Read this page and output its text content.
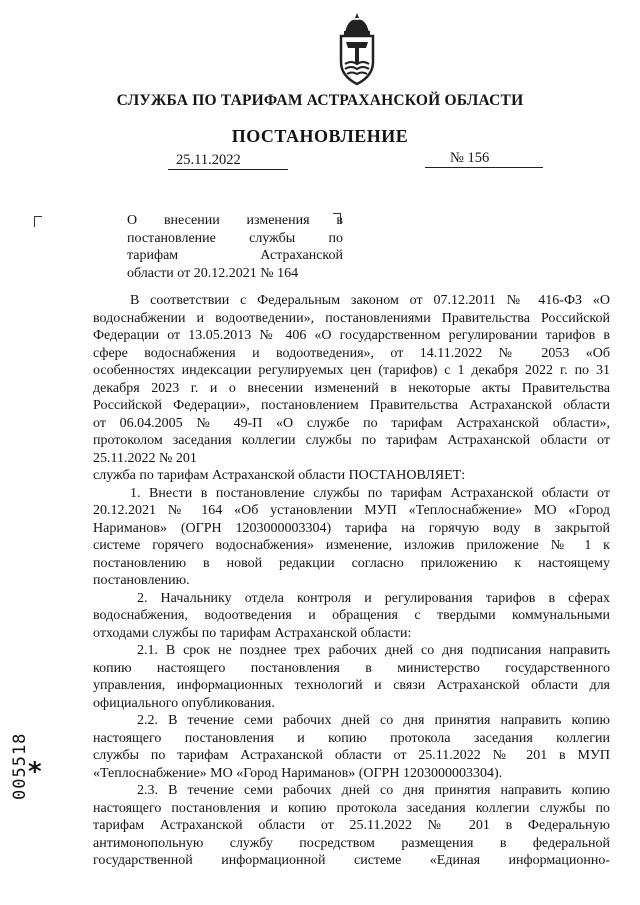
СЛУЖБА ПО ТАРИФАМ АСТРАХАНСКОЙ ОБЛАСТИ
ПОСТАНОВЛЕНИЕ
25.11.2022	№ 156
О внесении изменения в
постановление службы по
тарифам Астраханской
области от 20.12.2021 № 164
В соответствии с Федеральным законом от 07.12.2011 № 416-ФЗ «О
водоснабжении и водоотведении», постановлениями Правительства Российской
Федерации от 13.05.2013 № 406 «О государственном регулировании тарифов в
сфере водоснабжения и водоотведения», от 14.11.2022 № 2053 «Об
особенностях индексации регулируемых цен (тарифов) с 1 декабря 2022 г. по 31
декабря 2023 г. и о внесении изменений в некоторые акты Правительства
Российской Федерации», постановлением Правительства Астраханской области
от 06.04.2005 № 49-П «О службе по тарифам Астраханской области»,
протоколом заседания коллегии службы по тарифам Астраханской области от
25.11.2022 № 201
службa по тарифам Астраханской области ПОСТАНОВЛЯЕТ:
1. Внести в постановление службы по тарифам Астраханской области от
20.12.2021 № 164 «Об установлении МУП «Теплоснабжение» МО «Город
Наримaнов» (ОГРН 1203000003304) тарифа на горячую воду в закрытой
системе горячего водоснабжения» изменение, изложив приложение № 1 к
постановлению в новой редакции согласно приложению к настоящему
постановлению.
2. Начальнику отдела контроля и регулирования тарифов в сферах
водоснабжения, водоотведения и обращения с твердыми коммунальными
отходами службы по тарифам Астраханской области:
2.1. В срок не позднее трех рабочих дней со дня подписания направить
копию настоящего постановления в министерство государственного
управления, информационных технологий и связи Астраханской области для
официального опубликования.
2.2. В течение семи рабочих дней со дня принятия направить копию
настоящего постановления и копию протокола заседания коллегии
службы по тарифам Астраханской области от 25.11.2022 № 201 в МУП
«Теплоснабжение» МО «Город Нариманов» (ОГРН 1203000003304).
2.3. В течение семи рабочих дней со дня принятия направить копию
настоящего постановления и копию протокола заседания коллегии службы по
тарифам Астраханской области от 25.11.2022 № 201 в Федеральную
антимонопольную службу посредством размещения в федеральной
государственной информационной системе «Единая информационно-
*
005518
